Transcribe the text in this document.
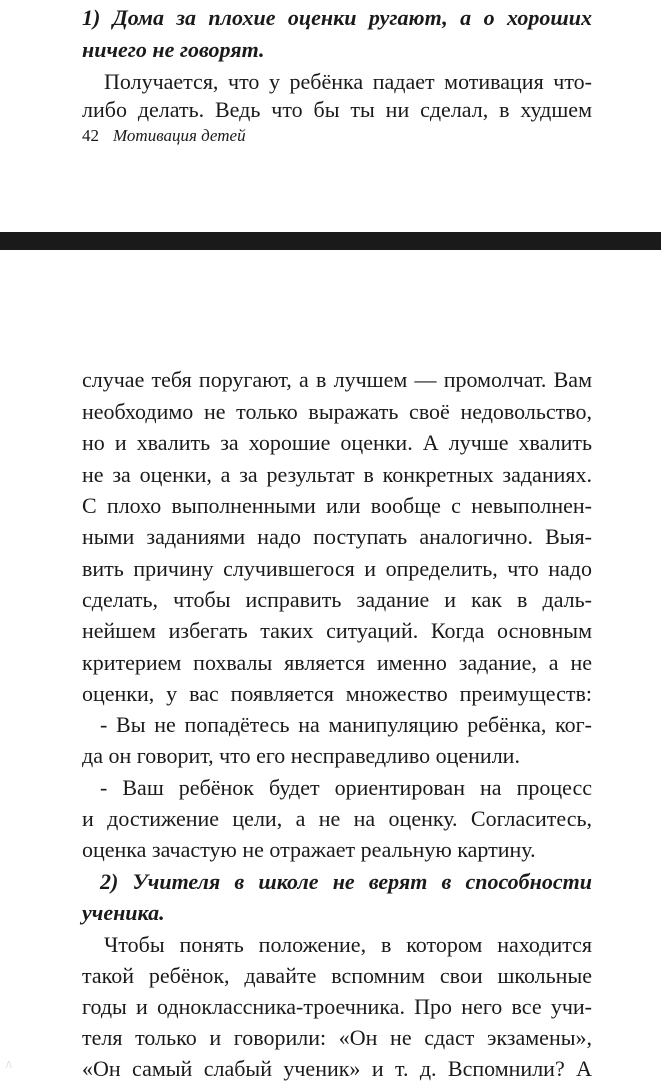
1) Дома за плохие оценки ругают, а о хороших
ничего не говорят.
Получается, что у ребёнка падает мотивация что-
либо делать. Ведь что бы ты ни сделал, в худшем
42 Мотивация детей
случае тебя поругают, а в лучшем — промолчат. Вам
необходимо не только выражать своё недовольство,
но и хвалить за хорошие оценки. А лучше хвалить
не за оценки, а за результат в конкретных заданиях.
С плохо выполненными или вообще с невыполнен-
ными заданиями надо поступать аналогично. Выя-
вить причину случившегося и определить, что надо
сделать, чтобы исправить задание и как в даль-
нейшем избегать таких ситуаций. Когда основным
критерием похвалы является именно задание, а не
оценки, у вас появляется множество преимуществ:
- Вы не попадётесь на манипуляцию ребёнка, ког-
да он говорит, что его несправедливо оценили.
- Ваш ребёнок будет ориентирован на процесс
и достижение цели, а не на оценку. Согласитесь,
оценка зачастую не отражает реальную картину.
2) Учителя в школе не верят в способности
ученика.
Чтобы понять положение, в котором находится
такой ребёнок, давайте вспомним свои школьные
годы и одноклассника-троечника. Про него все учи-
теля только и говорили: «Он не сдаст экзамены»,
«Он самый слабый ученик» и т. д. Вспомнили? А
/\
